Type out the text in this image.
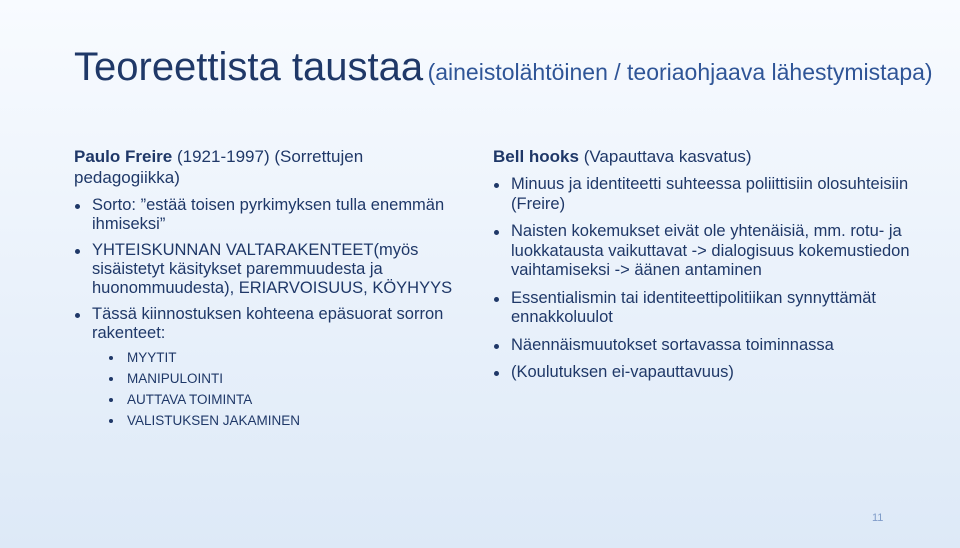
Teoreettista taustaa (aineistolähtöinen / teoriaohjaava lähestymistapa)
Paulo Freire (1921-1997) (Sorrettujen pedagogiikka)
Sorto: ”estää toisen pyrkimyksen tulla enemmän ihmiseksi”
YHTEISKUNNAN VALTARAKENTEET(myös sisäistetyt käsitykset paremmuudesta ja huonommuudesta), ERIARVOISUUS, KÖYHYYS
Tässä kiinnostuksen kohteena epäsuorat sorron rakenteet:
MYYTIT
MANIPULOINTI
AUTTAVA TOIMINTA
VALISTUKSEN JAKAMINEN
Bell hooks (Vapauttava kasvatus)
Minuus ja identiteetti suhteessa poliittisiin olosuhteisiin (Freire)
Naisten kokemukset eivät ole yhtenäisiä, mm. rotu- ja luokkatausta vaikuttavat -> dialogisuus kokemustiedon vaihtamiseksi -> äänen antaminen
Essentialismin tai identiteettipolitiikan synnyttämät ennakkoluulot
Näennäismuutokset sortavassa toiminnassa
(Koulutuksen ei-vapauttavuus)
11
